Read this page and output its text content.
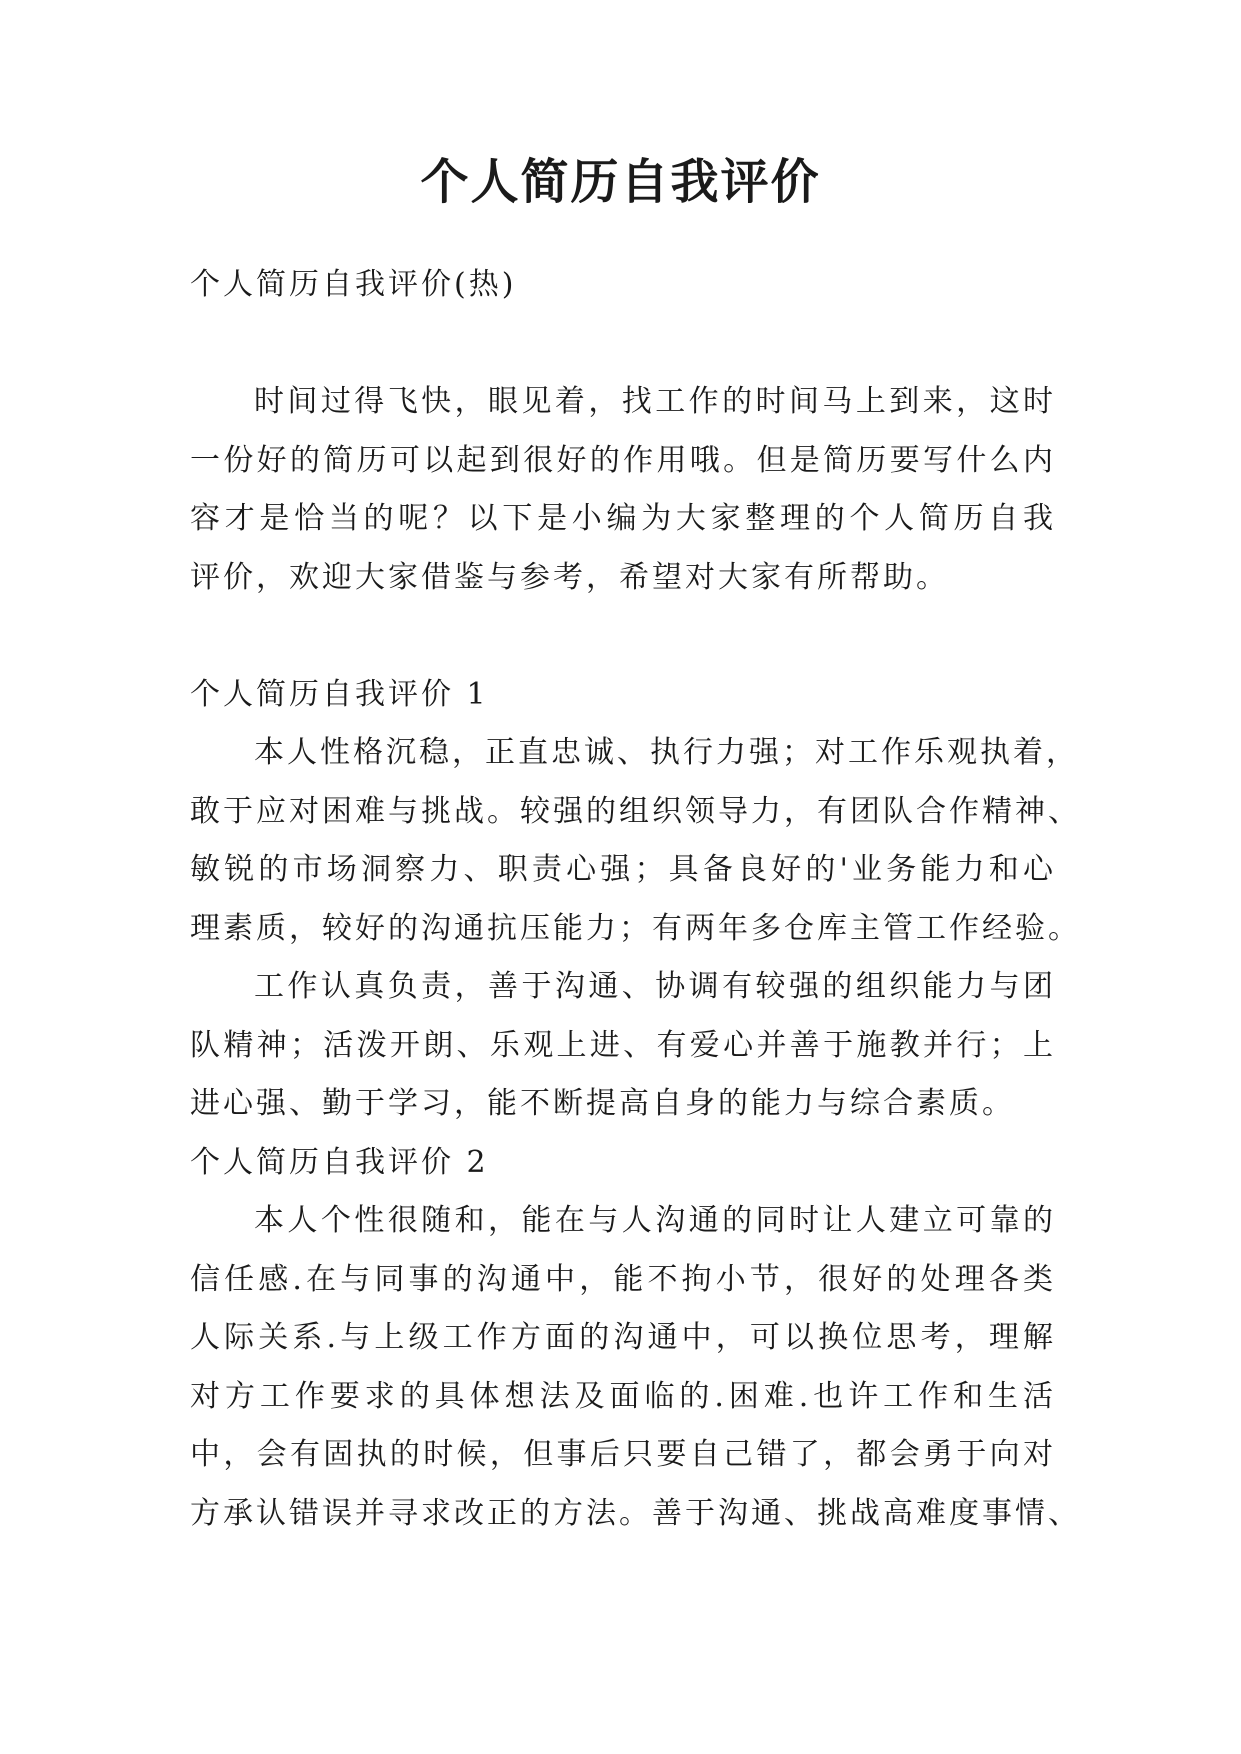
个人简历自我评价
个人简历自我评价(热)
时间过得飞快，眼见着，找工作的时间马上到来，这时
一份好的简历可以起到很好的作用哦。但是简历要写什么内
容才是恰当的呢？以下是小编为大家整理的个人简历自我
评价，欢迎大家借鉴与参考，希望对大家有所帮助。
个人简历自我评价 1
本人性格沉稳，正直忠诚、执行力强；对工作乐观执着，
敢于应对困难与挑战。较强的组织领导力，有团队合作精神、
敏锐的市场洞察力、职责心强；具备良好的'业务能力和心
理素质，较好的沟通抗压能力；有两年多仓库主管工作经验。
工作认真负责，善于沟通、协调有较强的组织能力与团
队精神；活泼开朗、乐观上进、有爱心并善于施教并行；上
进心强、勤于学习，能不断提高自身的能力与综合素质。
个人简历自我评价 2
本人个性很随和，能在与人沟通的同时让人建立可靠的
信任感.在与同事的沟通中，能不拘小节，很好的处理各类
人际关系.与上级工作方面的沟通中，可以换位思考，理解
对方工作要求的具体想法及面临的.困难.也许工作和生活
中，会有固执的时候，但事后只要自己错了，都会勇于向对
方承认错误并寻求改正的方法。善于沟通、挑战高难度事情、
